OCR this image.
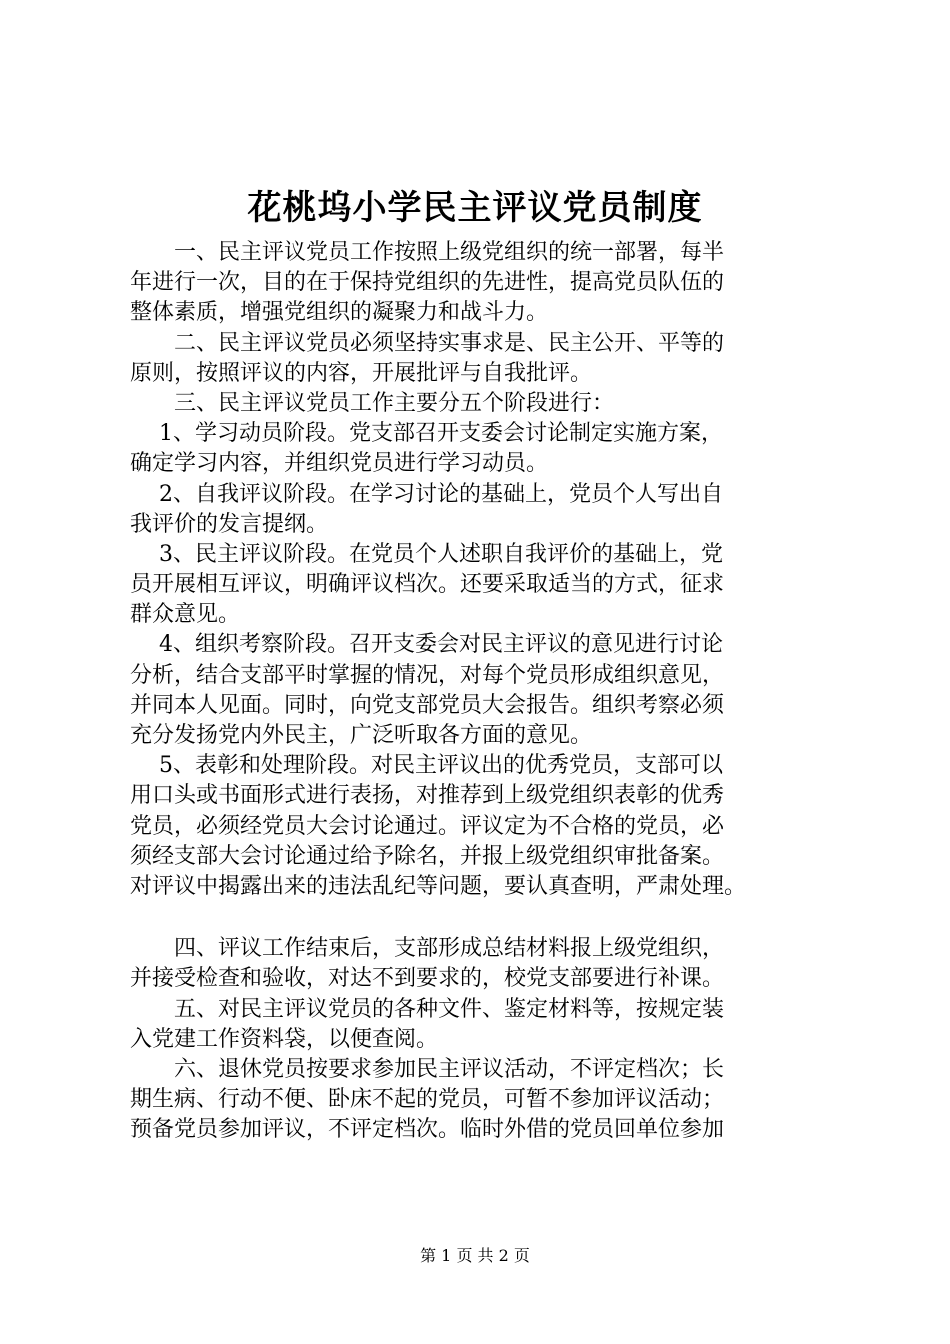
花桃坞小学民主评议党员制度
　　一、民主评议党员工作按照上级党组织的统一部署，每半
年进行一次，目的在于保持党组织的先进性，提高党员队伍的
整体素质，增强党组织的凝聚力和战斗力。
　　二、民主评议党员必须坚持实事求是、民主公开、平等的
原则，按照评议的内容，开展批评与自我批评。
　　三、民主评议党员工作主要分五个阶段进行：
　 1、学习动员阶段。党支部召开支委会讨论制定实施方案，
确定学习内容，并组织党员进行学习动员。
　 2、自我评议阶段。在学习讨论的基础上，党员个人写出自
我评价的发言提纲。
　 3、民主评议阶段。在党员个人述职自我评价的基础上，党
员开展相互评议，明确评议档次。还要采取适当的方式，征求
群众意见。
　 4、组织考察阶段。召开支委会对民主评议的意见进行讨论
分析，结合支部平时掌握的情况，对每个党员形成组织意见，
并同本人见面。同时，向党支部党员大会报告。组织考察必须
充分发扬党内外民主，广泛听取各方面的意见。
　 5、表彰和处理阶段。对民主评议出的优秀党员，支部可以
用口头或书面形式进行表扬，对推荐到上级党组织表彰的优秀
党员，必须经党员大会讨论通过。评议定为不合格的党员，必
须经支部大会讨论通过给予除名，并报上级党组织审批备案。
对评议中揭露出来的违法乱纪等问题，要认真查明，严肃处理。
　　四、评议工作结束后，支部形成总结材料报上级党组织，
并接受检查和验收，对达不到要求的，校党支部要进行补课。
　　五、对民主评议党员的各种文件、鉴定材料等，按规定装
入党建工作资料袋，以便查阅。
　　六、退休党员按要求参加民主评议活动，不评定档次；长
期生病、行动不便、卧床不起的党员，可暂不参加评议活动；
预备党员参加评议，不评定档次。临时外借的党员回单位参加
第 1 页 共 2 页
